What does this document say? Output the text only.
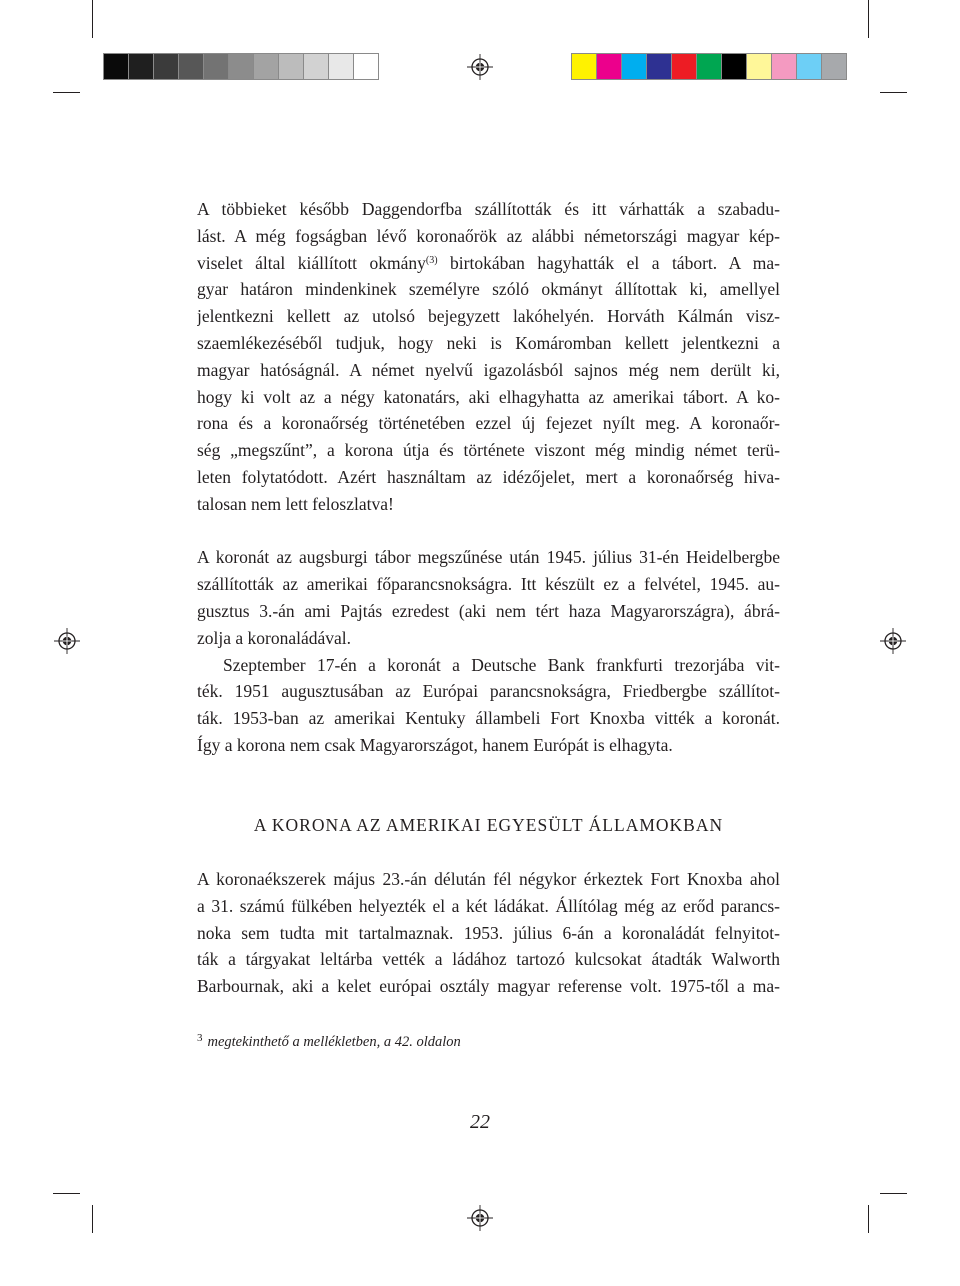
A többieket később Daggendorfba szállították és itt várhatták a szabadu-
lást. A még fogságban lévő koronaőrök az alábbi németországi magyar kép-
viselet által kiállított okmány$^{(3)}$ birtokában hagyhatták el a tábort. A ma-
gyar határon mindenkinek személyre szóló okmányt állítottak ki, amellyel
jelentkezni kellett az utolsó bejegyzett lakóhelyén. Horváth Kálmán visz-
szaemlékezéséből tudjuk, hogy neki is Komáromban kellett jelentkezni a
magyar hatóságnál. A német nyelvű igazolásból sajnos még nem derült ki,
hogy ki volt az a négy katonatárs, aki elhagyhatta az amerikai tábort. A ko-
rona és a koronaőrség történetében ezzel új fejezet nyílt meg. A koronaőr-
ség „megszűnt”, a korona útja és története viszont még mindig német terü-
leten folytatódott. Azért használtam az idézőjelet, mert a koronaőrség hiva-
talosan nem lett feloszlatva!
A koronát az augsburgi tábor megszűnése után 1945. július 31-én Heidelbergbe
szállították az amerikai főparancsnokságra. Itt készült ez a felvétel, 1945. au-
gusztus 3.-án ami Pajtás ezredest (aki nem tért haza Magyarországra), ábrá-
zolja a koronaládával.
Szeptember 17-én a koronát a Deutsche Bank frankfurti trezorjába vit-
ték. 1951 augusztusában az Európai parancsnokságra, Friedbergbe szállítot-
ták. 1953-ban az amerikai Kentuky állambeli Fort Knoxba vitték a koronát.
Így a korona nem csak Magyarországot, hanem Európát is elhagyta.
A KORONA AZ AMERIKAI EGYESÜLT ÁLLAMOKBAN
A koronaékszerek május 23.-án délután fél négykor érkeztek Fort Knoxba ahol
a 31. számú fülkében helyezték el a két ládákat. Állítólag még az erőd parancs-
noka sem tudta mit tartalmaznak. 1953. július 6-án a koronaládát felnyitot-
ták a tárgyakat leltárba vették a ládához tartozó kulcsokat átadták Walworth
Barbournak, aki a kelet európai osztály magyar referense volt. 1975-től a ma-
$^3$ megtekinthető a mellékletben, a 42. oldalon
22
